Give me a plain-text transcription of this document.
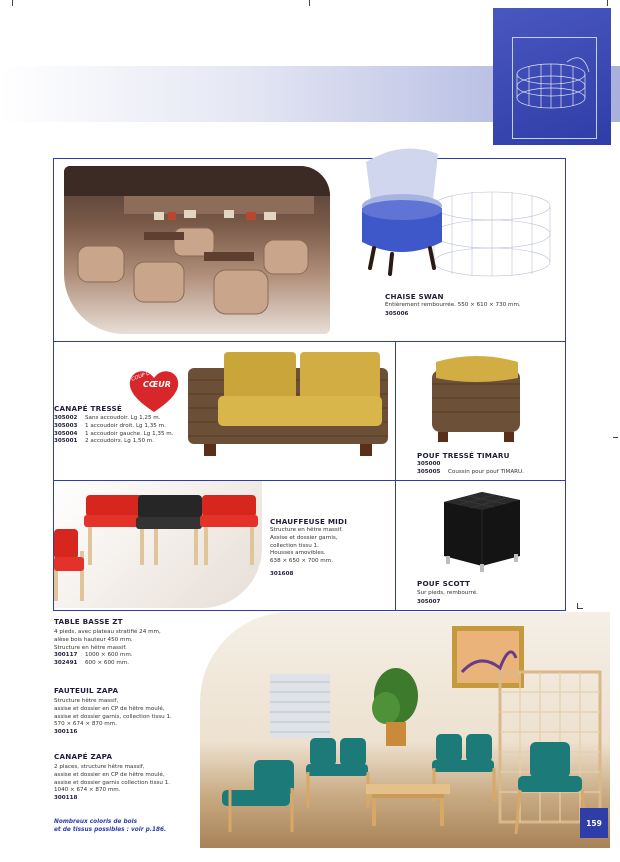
CHAISE SWAN
Entièrement rembourrée. 550 × 610 × 730 mm.
305006
COUP DE
CŒUR
CANAPÉ TRESSÉ
305002	Sans accoudoir. Lg 1,25 m.
305003	1 accoudoir droit. Lg 1,35 m.
305004	1 accoudoir gauche. Lg 1,35 m.
305001	2 accoudoirs. Lg 1,50 m.
POUF TRESSÉ TIMARU
305000
305005	Coussin pour pouf TIMARU.
CHAUFFEUSE MIDI
Structure en hêtre massif.
Assise et dossier garnis,
collection tissu 1.
Housses amovibles.
638 × 650 × 700 mm.
301608
POUF SCOTT
Sur pieds, rembourré.
305007
TABLE BASSE ZT
4 pieds, avec plateau stratifié 24 mm,
alèse bois hauteur 450 mm.
Structure en hêtre massif.
300117	1000 × 600 mm.
302491	600 × 600 mm.
FAUTEUIL ZAPA
Structure hêtre massif,
assise et dossier en CP de hêtre moulé,
assise et dossier garnis, collection tissu 1.
570 × 674 × 870 mm.
300116
CANAPÉ ZAPA
2 places, structure hêtre massif,
assise et dossier en CP de hêtre moulé,
assise et dossier garnis collection tissu 1.
1040 × 674 × 870 mm.
300118
Nombreux coloris de bois
et de tissus possibles : voir p.186.
159
